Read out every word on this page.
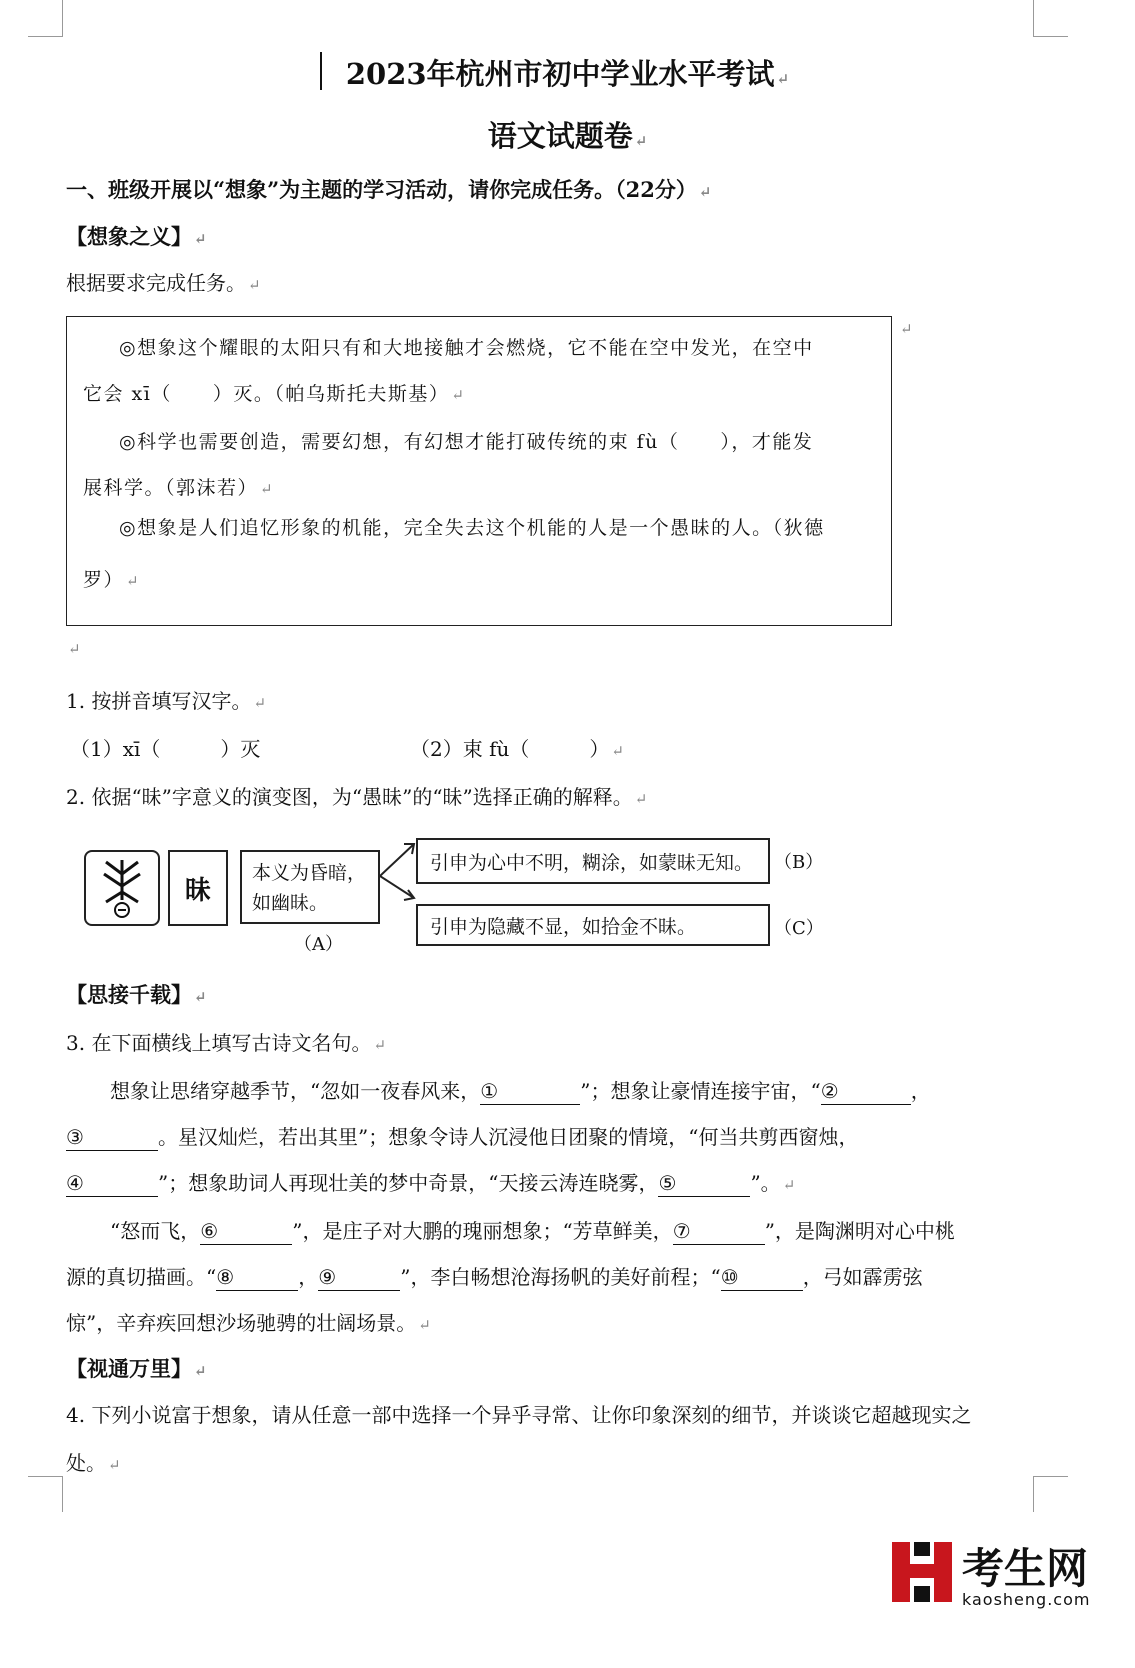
2023年杭州市初中学业水平考试 ↵
语文试题卷 ↵
一、班级开展以“想象”为主题的学习活动，请你完成任务。（22分） ↵
【想象之义】 ↵
根据要求完成任务。 ↵
◎想象这个耀眼的太阳只有和大地接触才会燃烧，它不能在空中发光，在空中
它会 xī（　　）灭。（帕乌斯托夫斯基） ↵
◎科学也需要创造，需要幻想，有幻想才能打破传统的束 fù（　　），才能发
展科学。（郭沫若） ↵
◎想象是人们追忆形象的机能，完全失去这个机能的人是一个愚昧的人。（狄德
罗） ↵
↵
↵
1. 按拼音填写汉字。 ↵
（1）xī（　　　）灭	（2）束 fù（　　　） ↵
2. 依据“昧”字意义的演变图，为“愚昧”的“昧”选择正确的解释。 ↵
昧
本义为昏暗，如幽昧。
（A）
引申为心中不明，糊涂，如蒙昧无知。	（B）
引申为隐藏不显，如拾金不昧。	（C）
【思接千载】 ↵
3. 在下面横线上填写古诗文名句。 ↵
想象让思绪穿越季节，“忽如一夜春风来，①	”；想象让豪情连接宇宙，“②	，
③	。星汉灿烂，若出其里”；想象令诗人沉浸他日团聚的情境，“何当共剪西窗烛，
④	”；想象助词人再现壮美的梦中奇景，“天接云涛连晓雾，⑤	”。 ↵
“怒而飞，⑥	”，是庄子对大鹏的瑰丽想象；“芳草鲜美，⑦	”，是陶渊明对心中桃
源的真切描画。“⑧	，⑨	”，李白畅想沧海扬帆的美好前程；“⑩	，弓如霹雳弦
惊”，辛弃疾回想沙场驰骋的壮阔场景。 ↵
【视通万里】 ↵
4. 下列小说富于想象，请从任意一部中选择一个异乎寻常、让你印象深刻的细节，并谈谈它超越现实之
处。 ↵
考生网
kaosheng.com
